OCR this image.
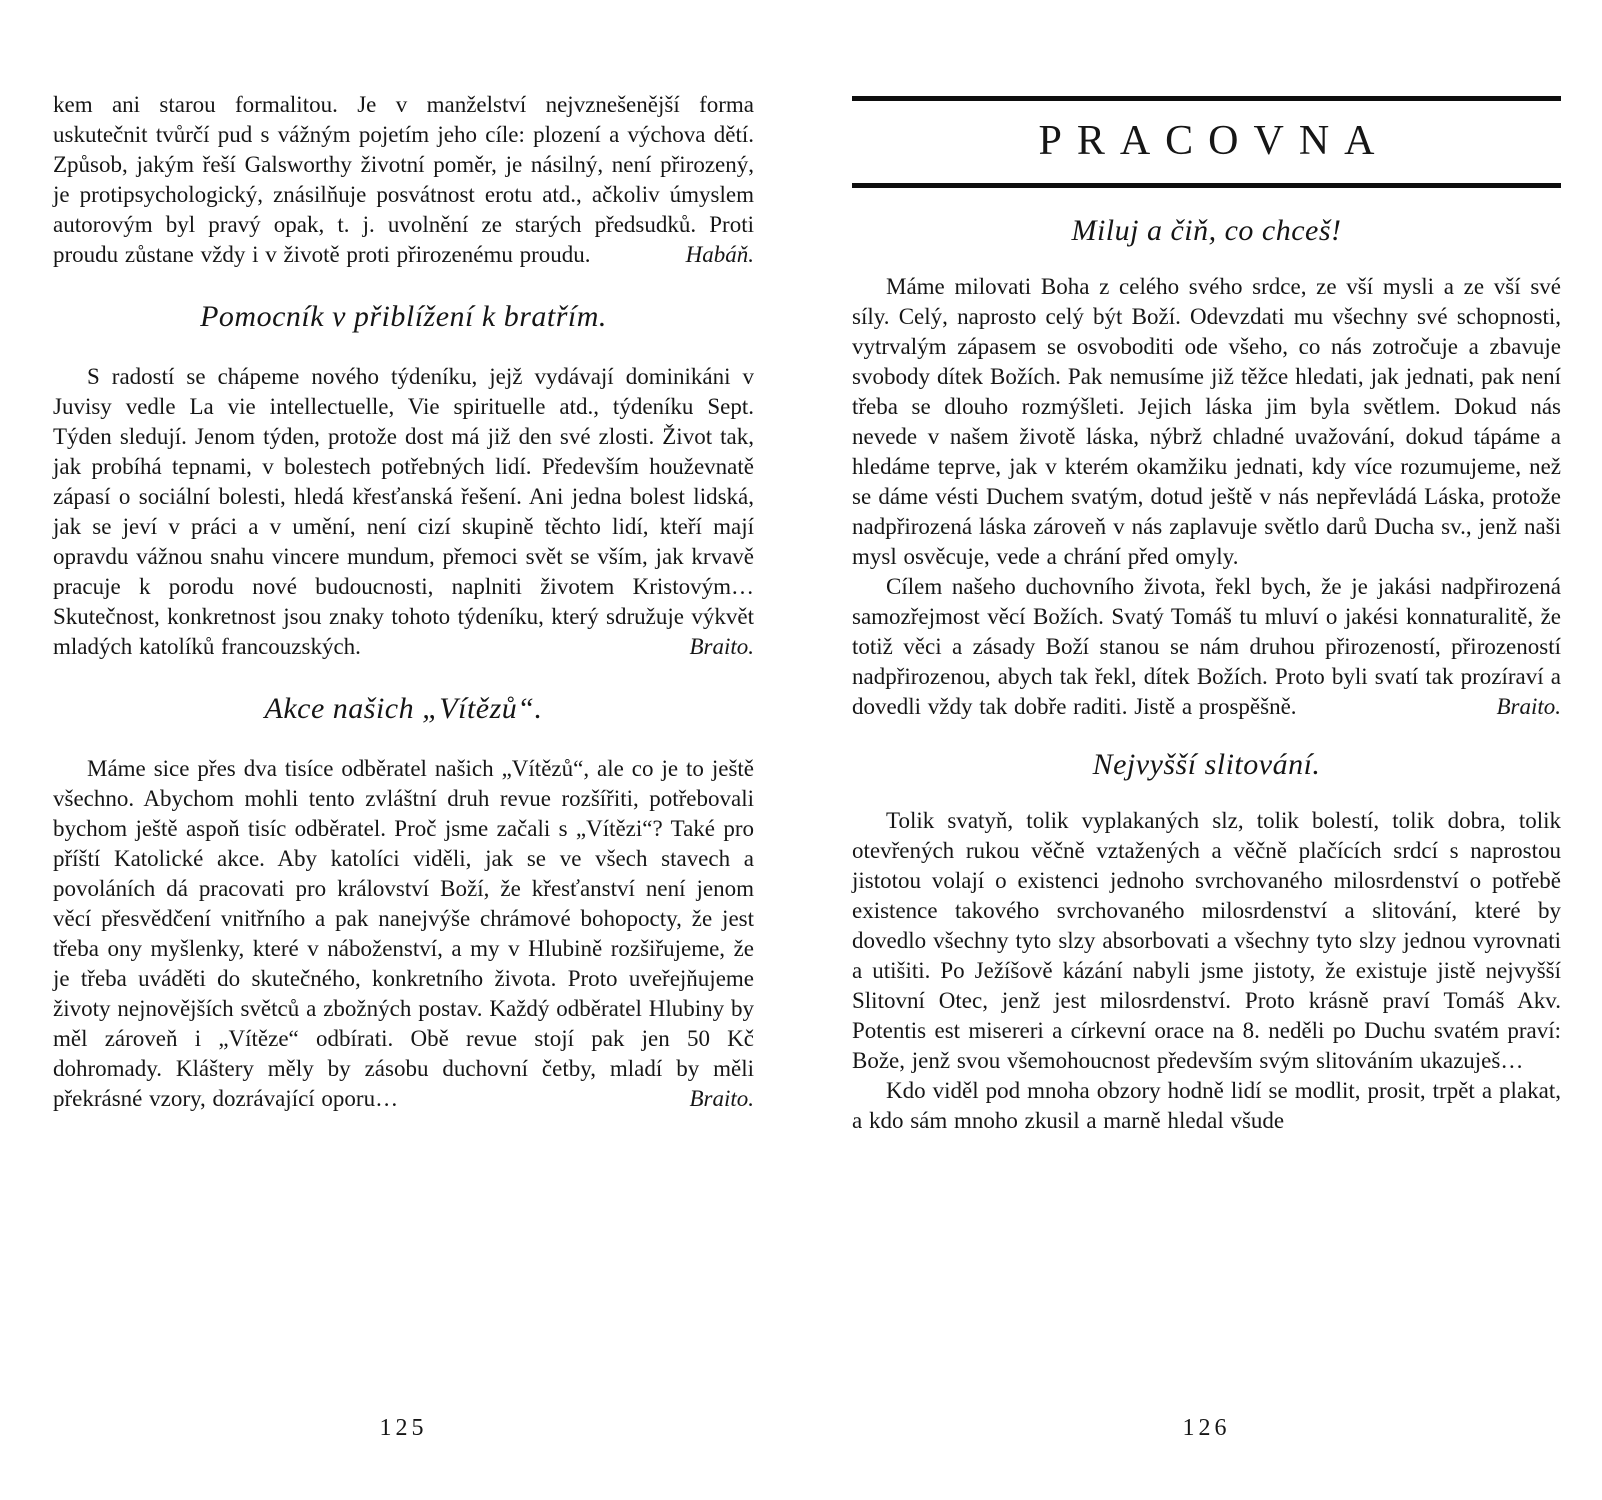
kem ani starou formalitou. Je v manželství nejvznešenější forma uskutečnit tvůrčí pud s vážným pojetím jeho cíle: plození a výchova dětí. Způsob, jakým řeší Galsworthy životní poměr, je násilný, není přirozený, je protipsychologický, znásilňuje posvátnost erotu atd., ačkoliv úmyslem autorovým byl pravý opak, t. j. uvolnění ze starých předsudků. Proti proudu zůstane vždy i v životě proti přirozenému proudu.	Habáň.

Pomocník v přiblížení k bratřím.

S radostí se chápeme nového týdeníku, jejž vydávají dominikáni v Juvisy vedle La vie intellectuelle, Vie spirituelle atd., týdeníku Sept. Týden sledují. Jenom týden, protože dost má již den své zlosti. Život tak, jak probíhá tepnami, v bolestech potřebných lidí. Především houževnatě zápasí o sociální bolesti, hledá křesťanská řešení. Ani jedna bolest lidská, jak se jeví v práci a v umění, není cizí skupině těchto lidí, kteří mají opravdu vážnou snahu vincere mundum, přemoci svět se vším, jak krvavě pracuje k porodu nové budoucnosti, naplniti životem Kristovým… Skutečnost, konkretnost jsou znaky tohoto týdeníku, který sdružuje výkvět mladých katolíků francouzských.	Braito.

Akce našich „Vítězů“.

Máme sice přes dva tisíce odběratel našich „Vítězů“, ale co je to ještě všechno. Abychom mohli tento zvláštní druh revue rozšířiti, potřebovali bychom ještě aspoň tisíc odběratel. Proč jsme začali s „Vítězi“? Také pro příští Katolické akce. Aby katolíci viděli, jak se ve všech stavech a povoláních dá pracovati pro království Boží, že křesťanství není jenom věcí přesvědčení vnitřního a pak nanejvýše chrámové bohopocty, že jest třeba ony myšlenky, které v náboženství, a my v Hlubině rozšiřujeme, že je třeba uváděti do skutečného, konkretního života. Proto uveřejňujeme životy nejnovějších světců a zbožných postav. Každý odběratel Hlubiny by měl zároveň i „Vítěze“ odbírati. Obě revue stojí pak jen 50 Kč dohromady. Kláštery měly by zásobu duchovní četby, mladí by měli překrásné vzory, dozrávající oporu…	Braito.

PRACOVNA
Miluj a čiň, co chceš!

Máme milovati Boha z celého svého srdce, ze vší mysli a ze vší své síly. Celý, naprosto celý být Boží. Odevzdati mu všechny své schopnosti, vytrvalým zápasem se osvoboditi ode všeho, co nás zotročuje a zbavuje svobody dítek Božích. Pak nemusíme již těžce hledati, jak jednati, pak není třeba se dlouho rozmýšleti. Jejich láska jim byla světlem. Dokud nás nevede v našem životě láska, nýbrž chladné uvažování, dokud tápáme a hledáme teprve, jak v kterém okamžiku jednati, kdy více rozumujeme, než se dáme vésti Duchem svatým, dotud ještě v nás nepřevládá Láska, protože nadpřirozená láska zároveň v nás zaplavuje světlo darů Ducha sv., jenž naši mysl osvěcuje, vede a chrání před omyly.

Cílem našeho duchovního života, řekl bych, že je jakási nadpřirozená samozřejmost věcí Božích. Svatý Tomáš tu mluví o jakési konnaturalitě, že totiž věci a zásady Boží stanou se nám druhou přirozeností, přirozeností nadpřirozenou, abych tak řekl, dítek Božích. Proto byli svatí tak prozíraví a dovedli vždy tak dobře raditi. Jistě a prospěšně.	Braito.

Nejvyšší slitování.

Tolik svatyň, tolik vyplakaných slz, tolik bolestí, tolik dobra, tolik otevřených rukou věčně vztažených a věčně plačících srdcí s naprostou jistotou volají o existenci jednoho svrchovaného milosrdenství o potřebě existence takového svrchovaného milosrdenství a slitování, které by dovedlo všechny tyto slzy absorbovati a všechny tyto slzy jednou vyrovnati a utišiti. Po Ježíšově kázání nabyli jsme jistoty, že existuje jistě nejvyšší Slitovní Otec, jenž jest milosrdenství. Proto krásně praví Tomáš Akv. Potentis est misereri a církevní orace na 8. neděli po Duchu svatém praví: Bože, jenž svou všemohoucnost především svým slitováním ukazuješ…

Kdo viděl pod mnoha obzory hodně lidí se modlit, prosit, trpět a plakat, a kdo sám mnoho zkusil a marně hledal všude

125	126
